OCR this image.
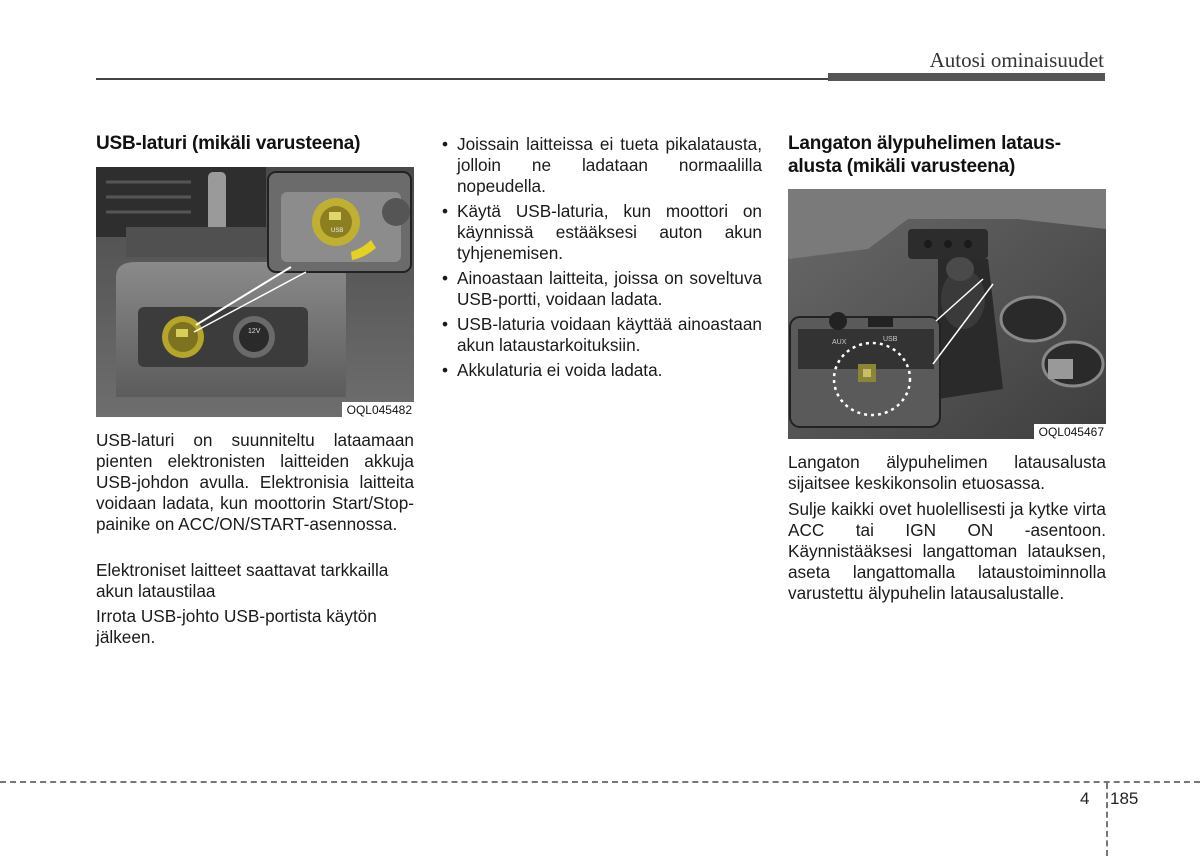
Autosi ominaisuudet
USB-laturi (mikäli varusteena)
12V
USB
OQL045482
USB-laturi on suunniteltu lataamaan pienten elektronisten laitteiden akkuja USB-johdon avulla. Elektronisia laitteita voidaan ladata, kun moottorin Start/Stop-painike on ACC/ON/START-asennossa.
Elektroniset laitteet saattavat tarkkailla akun lataustilaa
Irrota USB-johto USB-portista käytön jälkeen.
• Joissain laitteissa ei tueta pikalatausta, jolloin ne ladataan normaalilla nopeudella.
• Käytä USB-laturia, kun moottori on käynnissä estääksesi auton akun tyhjenemisen.
• Ainoastaan laitteita, joissa on soveltuva USB-portti, voidaan ladata.
• USB-laturia voidaan käyttää ainoastaan akun lataustarkoituksiin.
• Akkulaturia ei voida ladata.
Langaton älypuhelimen lataus-
alusta (mikäli varusteena)
AUX	USB
OQL045467
Langaton älypuhelimen latausalusta sijaitsee keskikonsolin etuosassa.
Sulje kaikki ovet huolellisesti ja kytke virta ACC tai IGN ON -asentoon. Käynnistääksesi langattoman latauksen, aseta langattomalla lataustoiminnolla varustettu älypuhelin latausalustalle.
4 185
